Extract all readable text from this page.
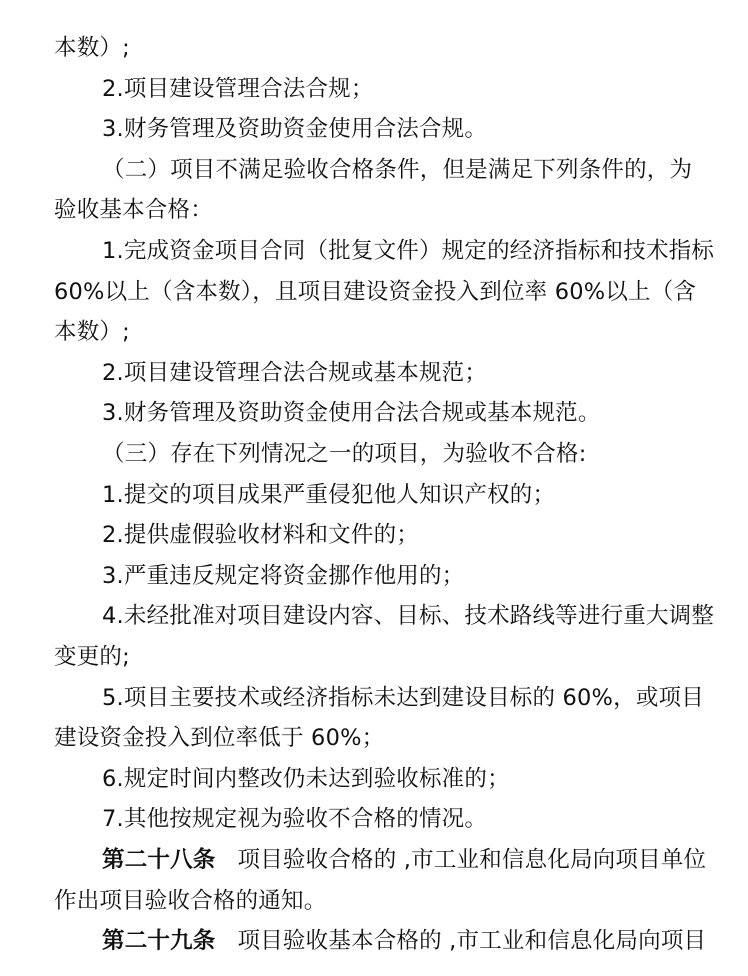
本数）;
2.项目建设管理合法合规；
3.财务管理及资助资金使用合法合规。
（二）项目不满足验收合格条件，但是满足下列条件的，为
验收基本合格：
1.完成资金项目合同（批复文件）规定的经济指标和技术指标
60%以上（含本数），且项目建设资金投入到位率 60%以上（含
本数）;
2.项目建设管理合法合规或基本规范；
3.财务管理及资助资金使用合法合规或基本规范。
（三）存在下列情况之一的项目，为验收不合格:
1.提交的项目成果严重侵犯他人知识产权的；
2.提供虚假验收材料和文件的；
3.严重违反规定将资金挪作他用的；
4.未经批准对项目建设内容、目标、技术路线等进行重大调整
变更的;
5.项目主要技术或经济指标未达到建设目标的 60%，或项目
建设资金投入到位率低于 60%；
6.规定时间内整改仍未达到验收标准的；
7.其他按规定视为验收不合格的情况。
第二十八条 项目验收合格的 ,市工业和信息化局向项目单位
作出项目验收合格的通知。
第二十九条 项目验收基本合格的 ,市工业和信息化局向项目
